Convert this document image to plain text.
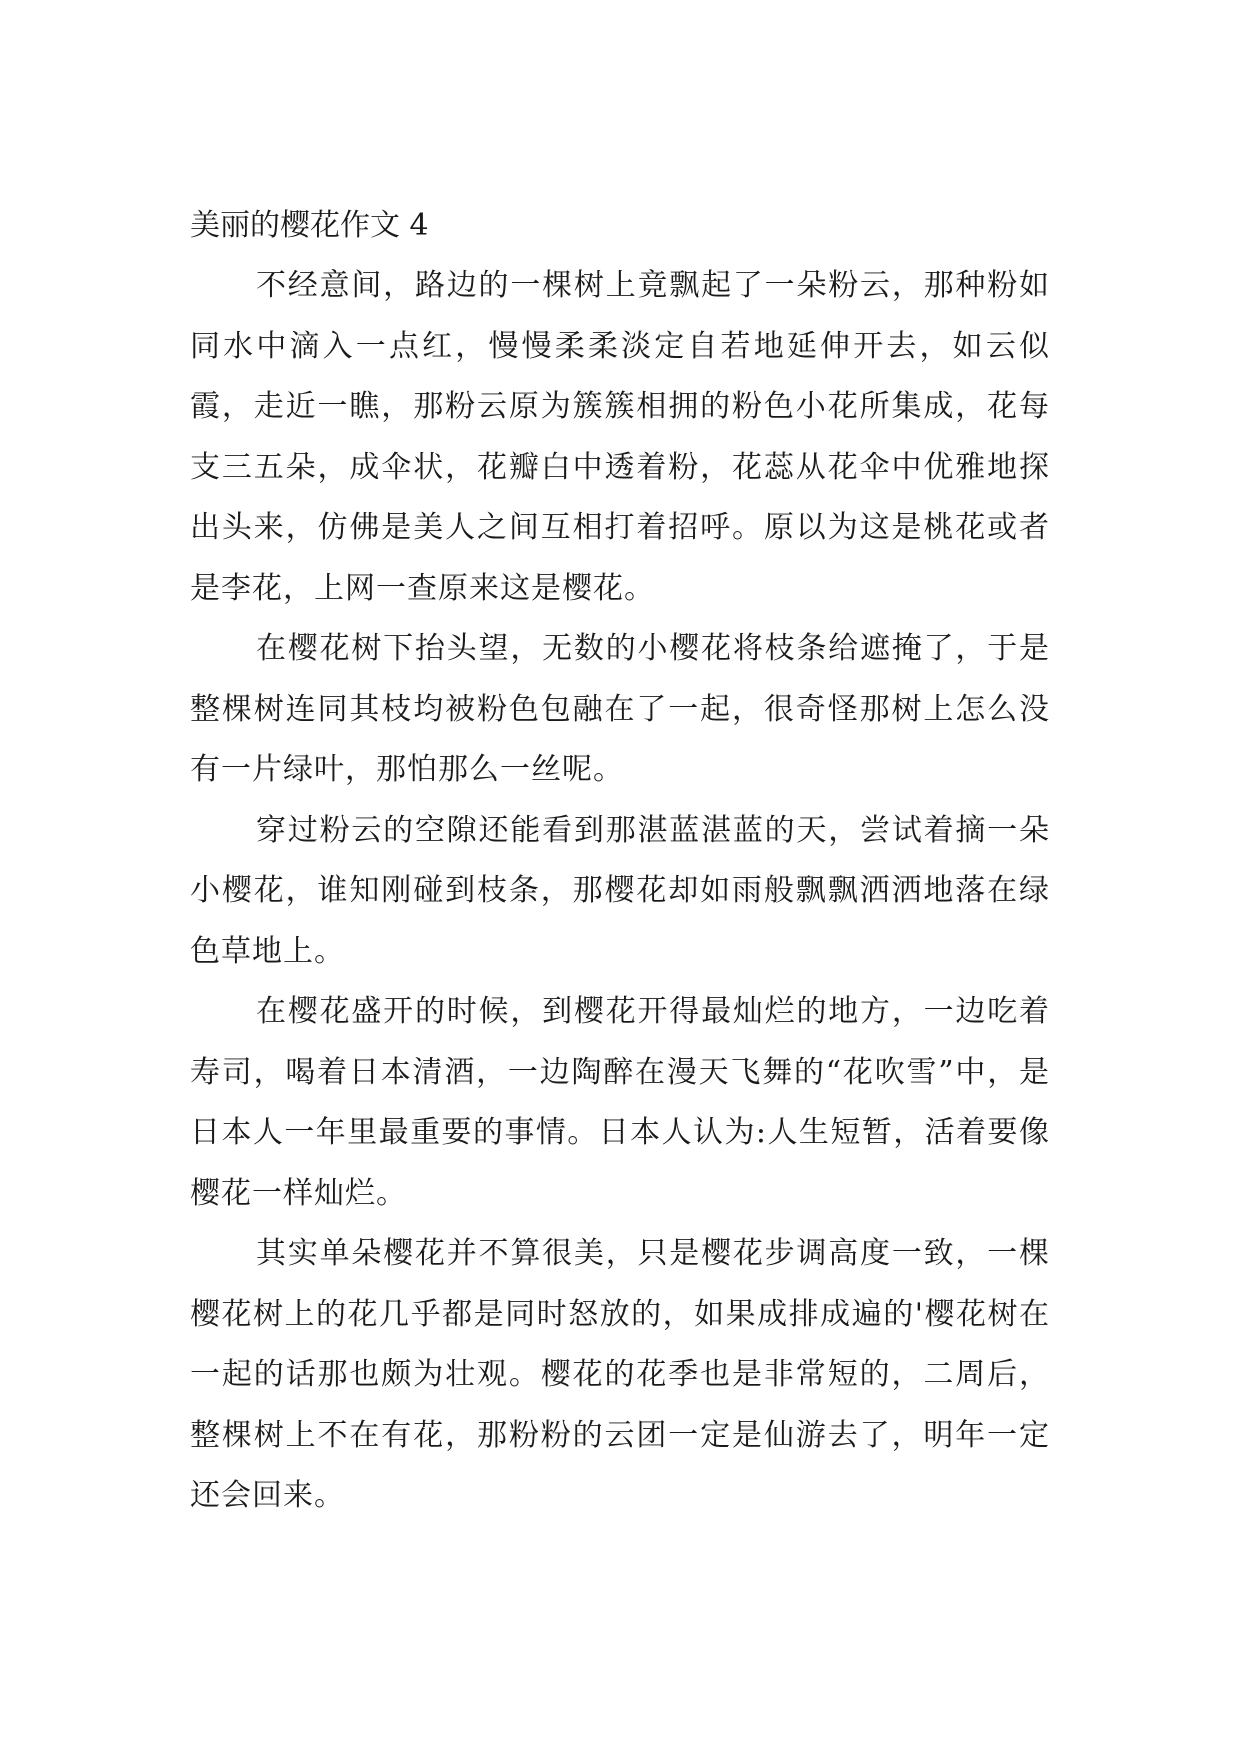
美丽的樱花作文 4

不经意间，路边的一棵树上竟飘起了一朵粉云，那种粉如同水中滴入一点红，慢慢柔柔淡定自若地延伸开去，如云似霞，走近一瞧，那粉云原为簇簇相拥的粉色小花所集成，花每支三五朵，成伞状，花瓣白中透着粉，花蕊从花伞中优雅地探出头来，仿佛是美人之间互相打着招呼。原以为这是桃花或者是李花，上网一查原来这是樱花。

在樱花树下抬头望，无数的小樱花将枝条给遮掩了，于是整棵树连同其枝均被粉色包融在了一起，很奇怪那树上怎么没有一片绿叶，那怕那么一丝呢。

穿过粉云的空隙还能看到那湛蓝湛蓝的天，尝试着摘一朵小樱花，谁知刚碰到枝条，那樱花却如雨般飘飘洒洒地落在绿色草地上。

在樱花盛开的时候，到樱花开得最灿烂的地方，一边吃着寿司，喝着日本清酒，一边陶醉在漫天飞舞的“花吹雪”中，是日本人一年里最重要的事情。日本人认为:人生短暂，活着要像樱花一样灿烂。

其实单朵樱花并不算很美，只是樱花步调高度一致，一棵樱花树上的花几乎都是同时怒放的，如果成排成遍的'樱花树在一起的话那也颇为壮观。樱花的花季也是非常短的，二周后，整棵树上不在有花，那粉粉的云团一定是仙游去了，明年一定还会回来。
